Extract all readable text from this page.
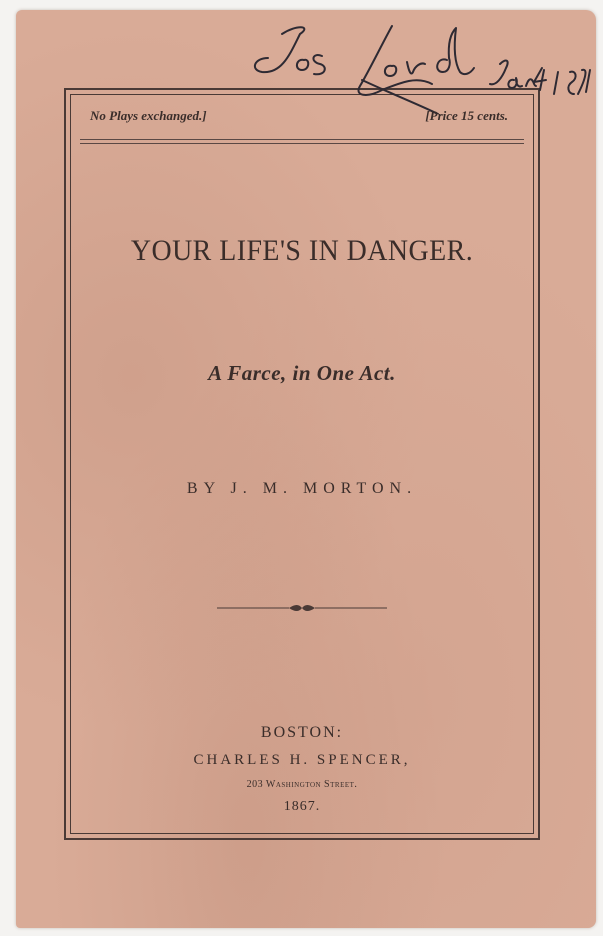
No Plays exchanged.]	[Price 15 cents.
YOUR LIFE'S IN DANGER.
A Farce, in One Act.
BY J. M. MORTON.
BOSTON:
CHARLES H. SPENCER,
203 Washington Street.
1867.
